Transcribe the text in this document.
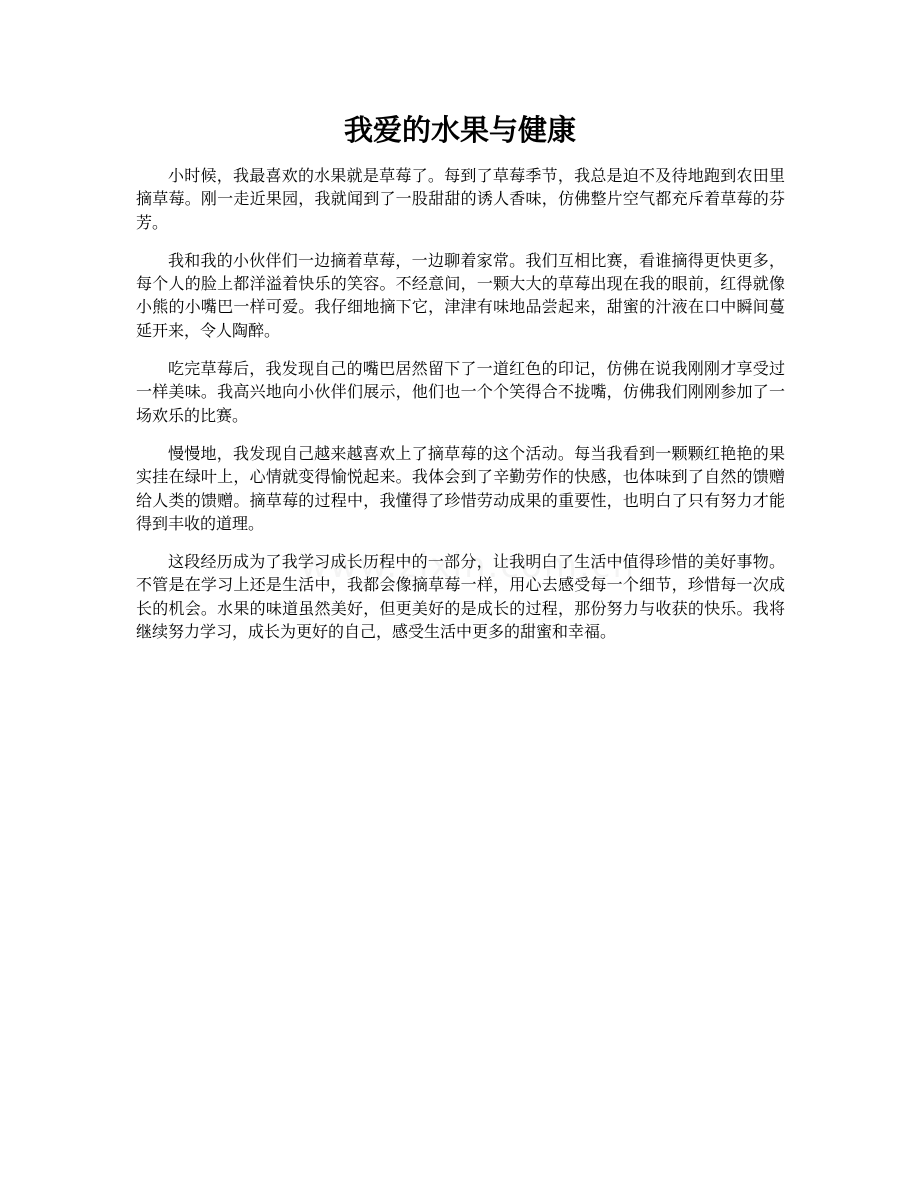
我爱的水果与健康

小时候，我最喜欢的水果就是草莓了。每到了草莓季节，我总是迫不及待地跑到农田里摘草莓。刚一走近果园，我就闻到了一股甜甜的诱人香味，仿佛整片空气都充斥着草莓的芬芳。

我和我的小伙伴们一边摘着草莓，一边聊着家常。我们互相比赛，看谁摘得更快更多，每个人的脸上都洋溢着快乐的笑容。不经意间，一颗大大的草莓出现在我的眼前，红得就像小熊的小嘴巴一样可爱。我仔细地摘下它，津津有味地品尝起来，甜蜜的汁液在口中瞬间蔓延开来，令人陶醉。

吃完草莓后，我发现自己的嘴巴居然留下了一道红色的印记，仿佛在说我刚刚才享受过一样美味。我高兴地向小伙伴们展示，他们也一个个笑得合不拢嘴，仿佛我们刚刚参加了一场欢乐的比赛。

慢慢地，我发现自己越来越喜欢上了摘草莓的这个活动。每当我看到一颗颗红艳艳的果实挂在绿叶上，心情就变得愉悦起来。我体会到了辛勤劳作的快感，也体味到了自然的馈赠给人类的馈赠。摘草莓的过程中，我懂得了珍惜劳动成果的重要性，也明白了只有努力才能得到丰收的道理。

这段经历成为了我学习成长历程中的一部分，让我明白了生活中值得珍惜的美好事物。不管是在学习上还是生活中，我都会像摘草莓一样，用心去感受每一个细节，珍惜每一次成长的机会。水果的味道虽然美好，但更美好的是成长的过程，那份努力与收获的快乐。我将继续努力学习，成长为更好的自己，感受生活中更多的甜蜜和幸福。
